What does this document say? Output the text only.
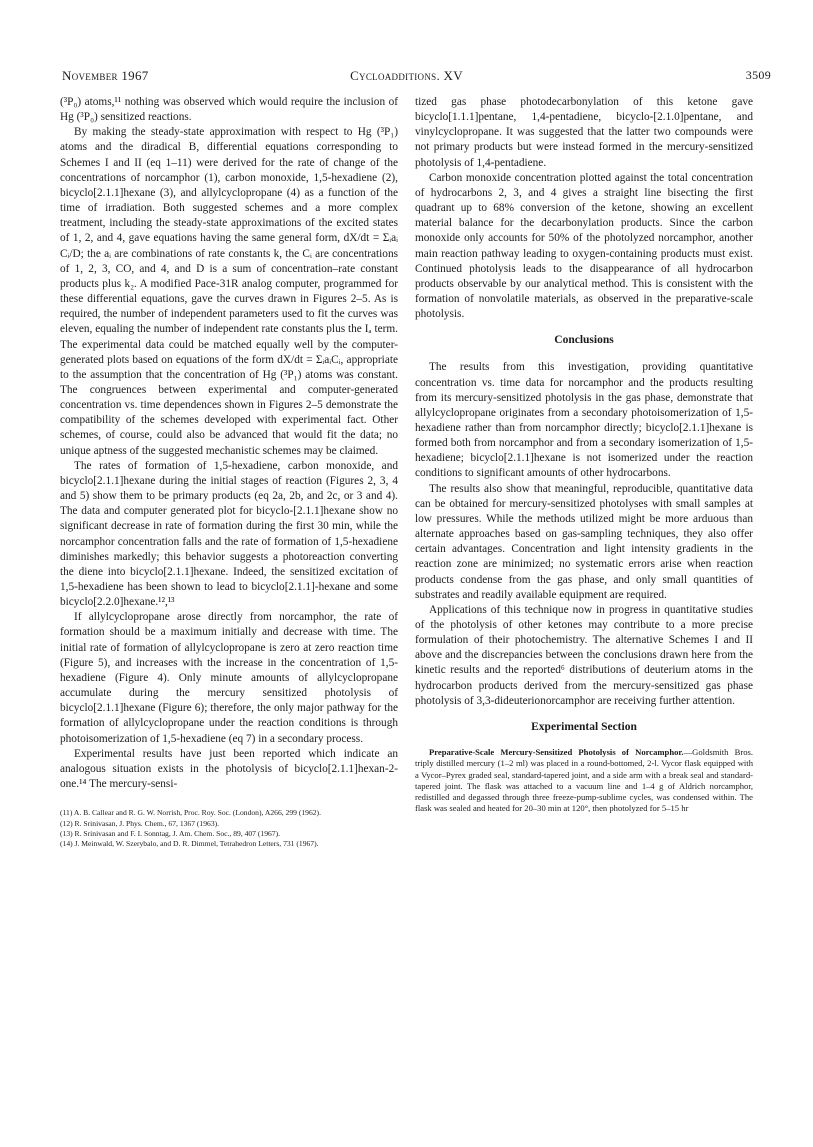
November 1967	Cycloadditions. XV	3509

(³P₀) atoms,¹¹ nothing was observed which would require the inclusion of Hg (³P₀) sensitized reactions.

By making the steady-state approximation with respect to Hg (³P₁) atoms and the diradical B, differential equations corresponding to Schemes I and II (eq 1–11) were derived for the rate of change of the concentrations of norcamphor (1), carbon monoxide, 1,5-hexadiene (2), bicyclo[2.1.1]hexane (3), and allylcyclopropane (4) as a function of the time of irradiation. Both suggested schemes and a more complex treatment, including the steady-state approximations of the excited states of 1, 2, and 4, gave equations having the same general form, dX/dt = Σᵢaᵢ Cᵢ/D; the aᵢ are combinations of rate constants k, the Cᵢ are concentrations of 1, 2, 3, CO, and 4, and D is a sum of concentration–rate constant products plus k₂. A modified Pace-31R analog computer, programmed for these differential equations, gave the curves drawn in Figures 2–5. As is required, the number of independent parameters used to fit the curves was eleven, equaling the number of independent rate constants plus the Iₐ term. The experimental data could be matched equally well by the computer-generated plots based on equations of the form dX/dt = ΣᵢaᵢCᵢ, appropriate to the assumption that the concentration of Hg (³P₁) atoms was constant. The congruences between experimental and computer-generated concentration vs. time dependences shown in Figures 2–5 demonstrate the compatibility of the schemes developed with experimental fact. Other schemes, of course, could also be advanced that would fit the data; no unique aptness of the suggested mechanistic schemes may be claimed.

The rates of formation of 1,5-hexadiene, carbon monoxide, and bicyclo[2.1.1]hexane during the initial stages of reaction (Figures 2, 3, 4 and 5) show them to be primary products (eq 2a, 2b, and 2c, or 3 and 4). The data and computer generated plot for bicyclo-[2.1.1]hexane show no significant decrease in rate of formation during the first 30 min, while the norcamphor concentration falls and the rate of formation of 1,5-hexadiene diminishes markedly; this behavior suggests a photoreaction converting the diene into bicyclo[2.1.1]hexane. Indeed, the sensitized excitation of 1,5-hexadiene has been shown to lead to bicyclo[2.1.1]-hexane and some bicyclo[2.2.0]hexane.¹²,¹³

If allylcyclopropane arose directly from norcamphor, the rate of formation should be a maximum initially and decrease with time. The initial rate of formation of allylcyclopropane is zero at zero reaction time (Figure 5), and increases with the increase in the concentration of 1,5-hexadiene (Figure 4). Only minute amounts of allylcyclopropane accumulate during the mercury sensitized photolysis of bicyclo[2.1.1]hexane (Figure 6); therefore, the only major pathway for the formation of allylcyclopropane under the reaction conditions is through photoisomerization of 1,5-hexadiene (eq 7) in a secondary process.

Experimental results have just been reported which indicate an analogous situation exists in the photolysis of bicyclo[2.1.1]hexan-2-one.¹⁴ The mercury-sensi-

(11) A. B. Callear and R. G. W. Norrish, Proc. Roy. Soc. (London), A266, 299 (1962).
(12) R. Srinivasan, J. Phys. Chem., 67, 1367 (1963).
(13) R. Srinivasan and F. I. Sonntag, J. Am. Chem. Soc., 89, 407 (1967).
(14) J. Meinwald, W. Szerybalo, and D. R. Dimmel, Tetrahedron Letters, 731 (1967).

tized gas phase photodecarbonylation of this ketone gave bicyclo[1.1.1]pentane, 1,4-pentadiene, bicyclo-[2.1.0]pentane, and vinylcyclopropane. It was suggested that the latter two compounds were not primary products but were instead formed in the mercury-sensitized photolysis of 1,4-pentadiene.

Carbon monoxide concentration plotted against the total concentration of hydrocarbons 2, 3, and 4 gives a straight line bisecting the first quadrant up to 68% conversion of the ketone, showing an excellent material balance for the decarbonylation products. Since the carbon monoxide only accounts for 50% of the photolyzed norcamphor, another main reaction pathway leading to oxygen-containing products must exist. Continued photolysis leads to the disappearance of all hydrocarbon products observable by our analytical method. This is consistent with the formation of nonvolatile materials, as observed in the preparative-scale photolysis.

Conclusions

The results from this investigation, providing quantitative concentration vs. time data for norcamphor and the products resulting from its mercury-sensitized photolysis in the gas phase, demonstrate that allylcyclopropane originates from a secondary photoisomerization of 1,5-hexadiene rather than from norcamphor directly; bicyclo[2.1.1]hexane is formed both from norcamphor and from a secondary isomerization of 1,5-hexadiene; bicyclo[2.1.1]hexane is not isomerized under the reaction conditions to significant amounts of other hydrocarbons.

The results also show that meaningful, reproducible, quantitative data can be obtained for mercury-sensitized photolyses with small samples at low pressures. While the methods utilized might be more arduous than alternate approaches based on gas-sampling techniques, they also offer certain advantages. Concentration and light intensity gradients in the reaction zone are minimized; no systematic errors arise when reaction products condense from the gas phase, and only small quantities of substrates and readily available equipment are required.

Applications of this technique now in progress in quantitative studies of the photolysis of other ketones may contribute to a more precise formulation of their photochemistry. The alternative Schemes I and II above and the discrepancies between the conclusions drawn here from the kinetic results and the reported⁶ distributions of deuterium atoms in the hydrocarbon products derived from the mercury-sensitized gas phase photolysis of 3,3-dideuterionorcamphor are receiving further attention.

Experimental Section

Preparative-Scale Mercury-Sensitized Photolysis of Norcamphor.—Goldsmith Bros. triply distilled mercury (1–2 ml) was placed in a round-bottomed, 2-l. Vycor flask equipped with a Vycor–Pyrex graded seal, standard-tapered joint, and a side arm with a break seal and standard-tapered joint. The flask was attached to a vacuum line and 1–4 g of Aldrich norcamphor, redistilled and degassed through three freeze-pump-sublime cycles, was condensed within. The flask was sealed and heated for 20–30 min at 120°, then photolyzed for 5–15 hr
